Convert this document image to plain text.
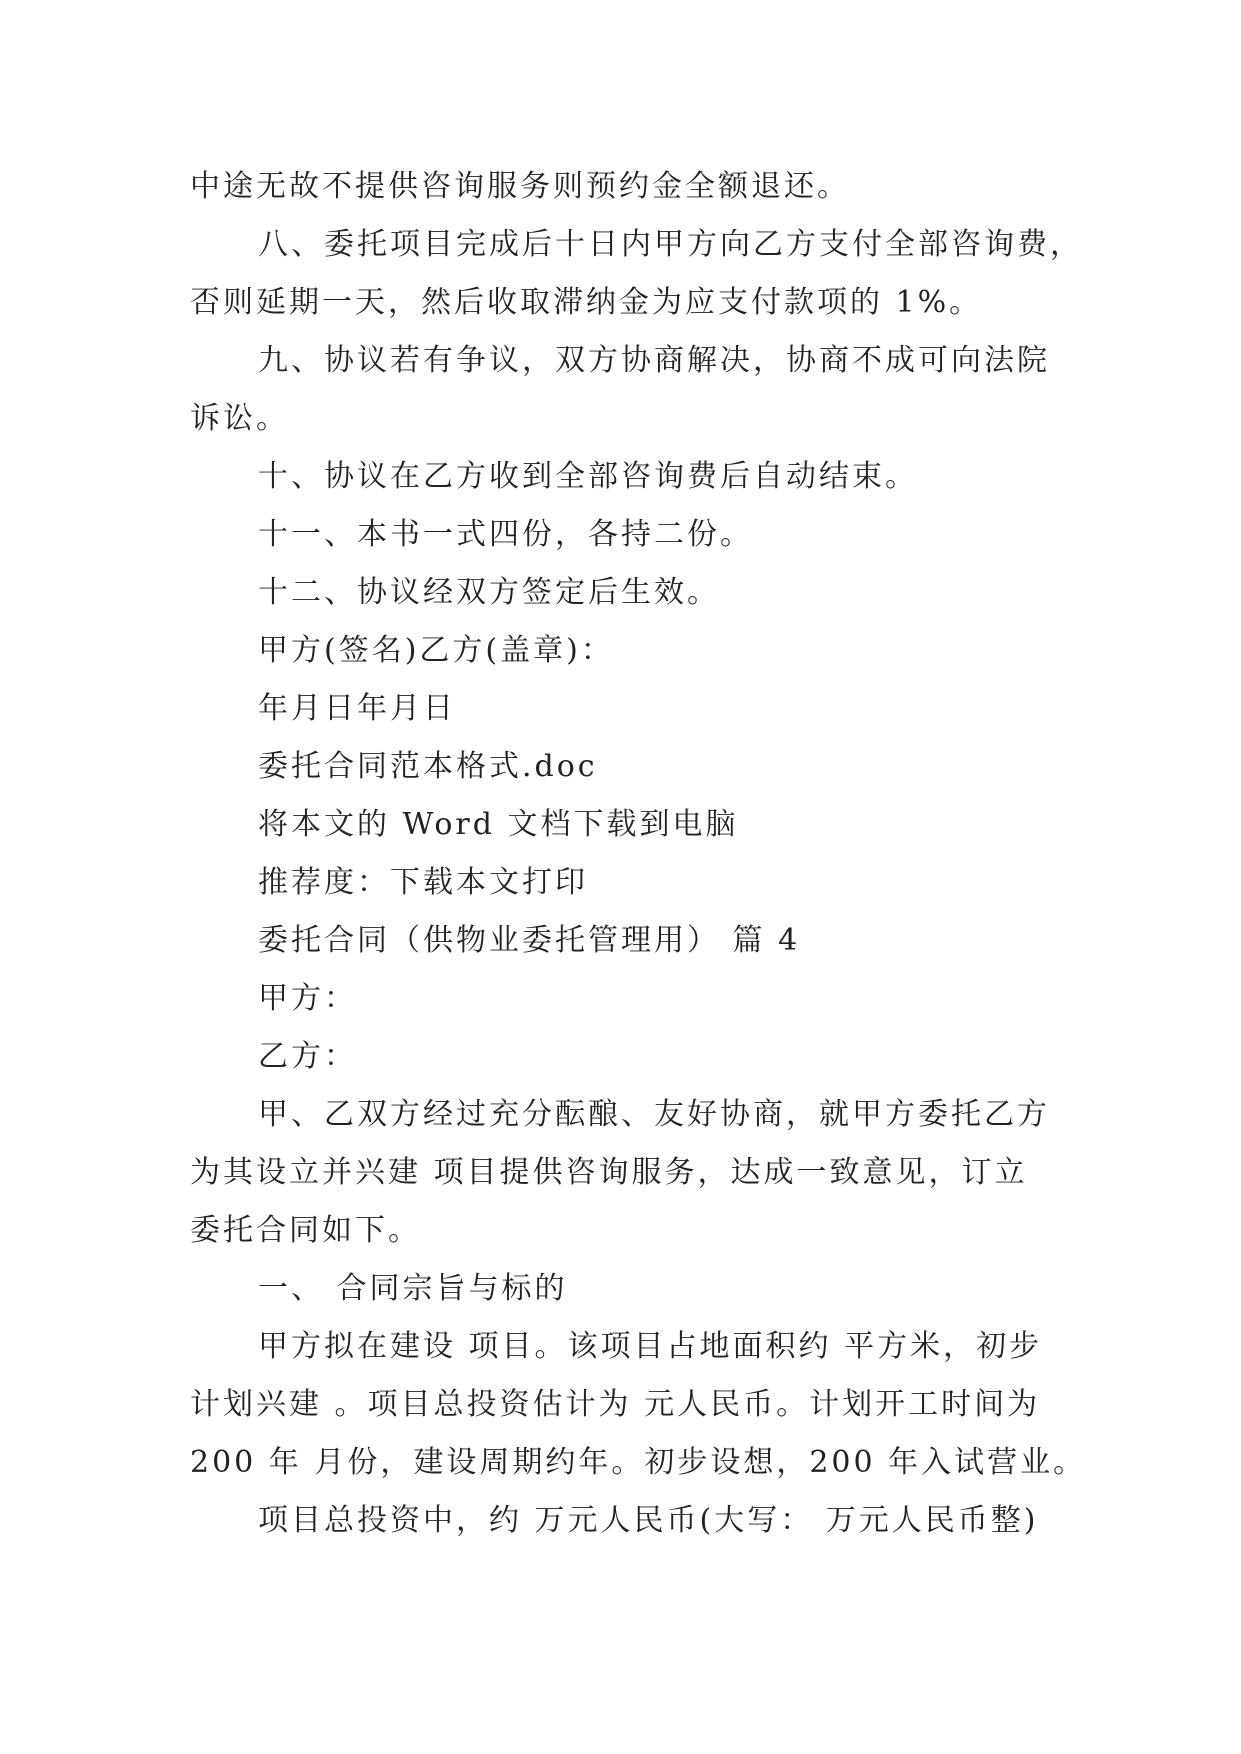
中途无故不提供咨询服务则预约金全额退还。
八、委托项目完成后十日内甲方向乙方支付全部咨询费，
否则延期一天，然后收取滞纳金为应支付款项的 1%。
九、协议若有争议，双方协商解决，协商不成可向法院
诉讼。
十、协议在乙方收到全部咨询费后自动结束。
十一、本书一式四份，各持二份。
十二、协议经双方签定后生效。
甲方(签名)乙方(盖章)：
年月日年月日
委托合同范本格式.doc
将本文的 Word 文档下载到电脑
推荐度：下载本文打印
委托合同（供物业委托管理用） 篇 4
甲方：
乙方：
甲、乙双方经过充分酝酿、友好协商，就甲方委托乙方
为其设立并兴建 项目提供咨询服务，达成一致意见，订立
委托合同如下。
一、 合同宗旨与标的
甲方拟在建设 项目。该项目占地面积约 平方米，初步
计划兴建 。项目总投资估计为 元人民币。计划开工时间为
200 年 月份，建设周期约年。初步设想，200 年入试营业。
项目总投资中，约 万元人民币(大写： 万元人民币整)
